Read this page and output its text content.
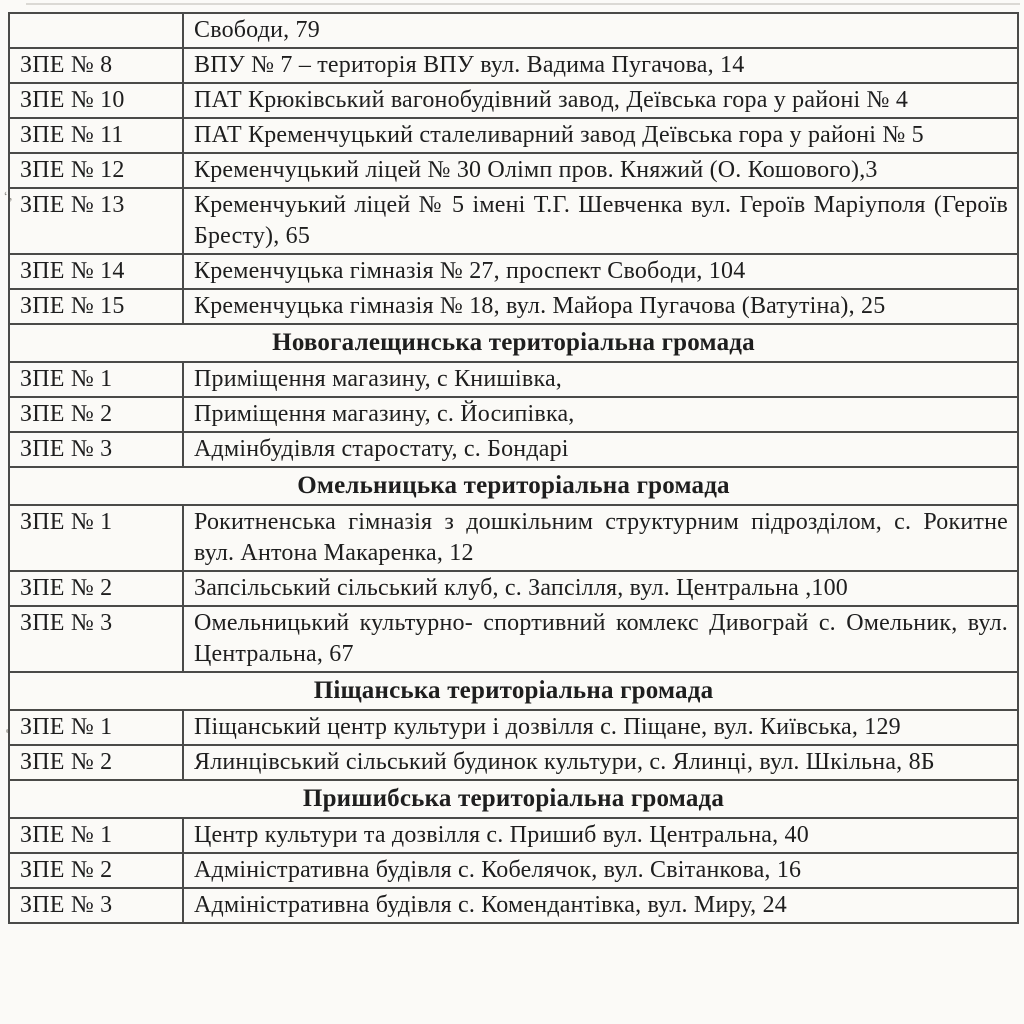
ʻ,
	Свободи, 79
ЗПЕ № 8	ВПУ № 7 – територія ВПУ вул. Вадима Пугачова, 14
ЗПЕ № 10	ПАТ Крюківський вагонобудівний завод, Деївська гора у районі № 4
ЗПЕ № 11	ПАТ Кременчуцький сталеливарний завод Деївська гора у районі № 5
ЗПЕ № 12	Кременчуцький ліцей № 30 Олімп пров. Княжий (О. Кошового),3
ЗПЕ № 13	Кременчуький ліцей № 5 імені Т.Г. Шевченка вул. Героїв Маріуполя (Героїв Бресту), 65
ЗПЕ № 14	Кременчуцька гімназія № 27, проспект Свободи, 104
ЗПЕ № 15	Кременчуцька гімназія № 18, вул. Майора Пугачова (Ватутіна), 25
Новогалещинська територіальна громада	
ЗПЕ № 1	Приміщення магазину, с Книшівка,
ЗПЕ № 2	Приміщення магазину, с. Йосипівка,
ЗПЕ № 3	Адмінбудівля старостату, с. Бондарі
Омельницька територіальна громада	
ЗПЕ № 1	Рокитненська гімназія з дошкільним структурним підрозділом, с. Рокитне вул. Антона Макаренка, 12
ЗПЕ № 2	Запсільський сільський клуб, с. Запсілля, вул. Центральна ,100
ЗПЕ № 3	Омельницький культурно- спортивний комлекс Дивограй с. Омельник, вул. Центральна, 67
Піщанська територіальна громада	
ЗПЕ № 1	Піщанський центр культури і дозвілля с. Піщане, вул. Київська, 129
ЗПЕ № 2	Ялинцівський сільський будинок культури, с. Ялинці, вул. Шкільна, 8Б
Пришибська територіальна громада	
ЗПЕ № 1	Центр культури та дозвілля с. Пришиб вул. Центральна, 40
ЗПЕ № 2	Адміністративна будівля с. Кобелячок, вул. Світанкова, 16
ЗПЕ № 3	Адміністративна будівля с. Комендантівка, вул. Миру, 24
